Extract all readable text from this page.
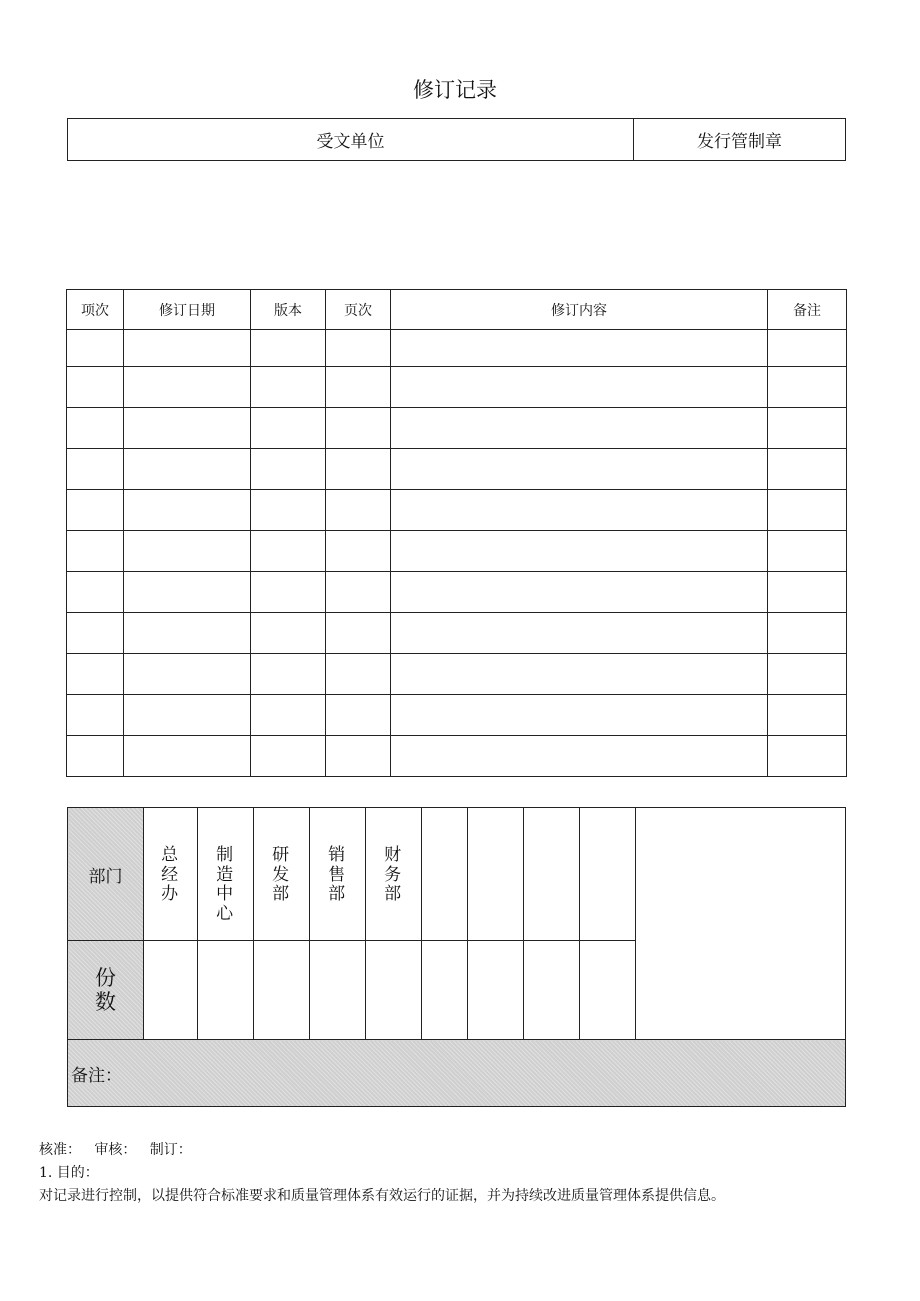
修订记录
受文单位	发行管制章
项次	修订日期	版本	页次	修订内容	备注

部门	总经办	制造中心	研发部	销售部	财务部					

份数										

备注：										
核准：   审核：   制订：
1. 目的：
对记录进行控制，以提供符合标准要求和质量管理体系有效运行的证据，并为持续改进质量管理体系提供信息。
